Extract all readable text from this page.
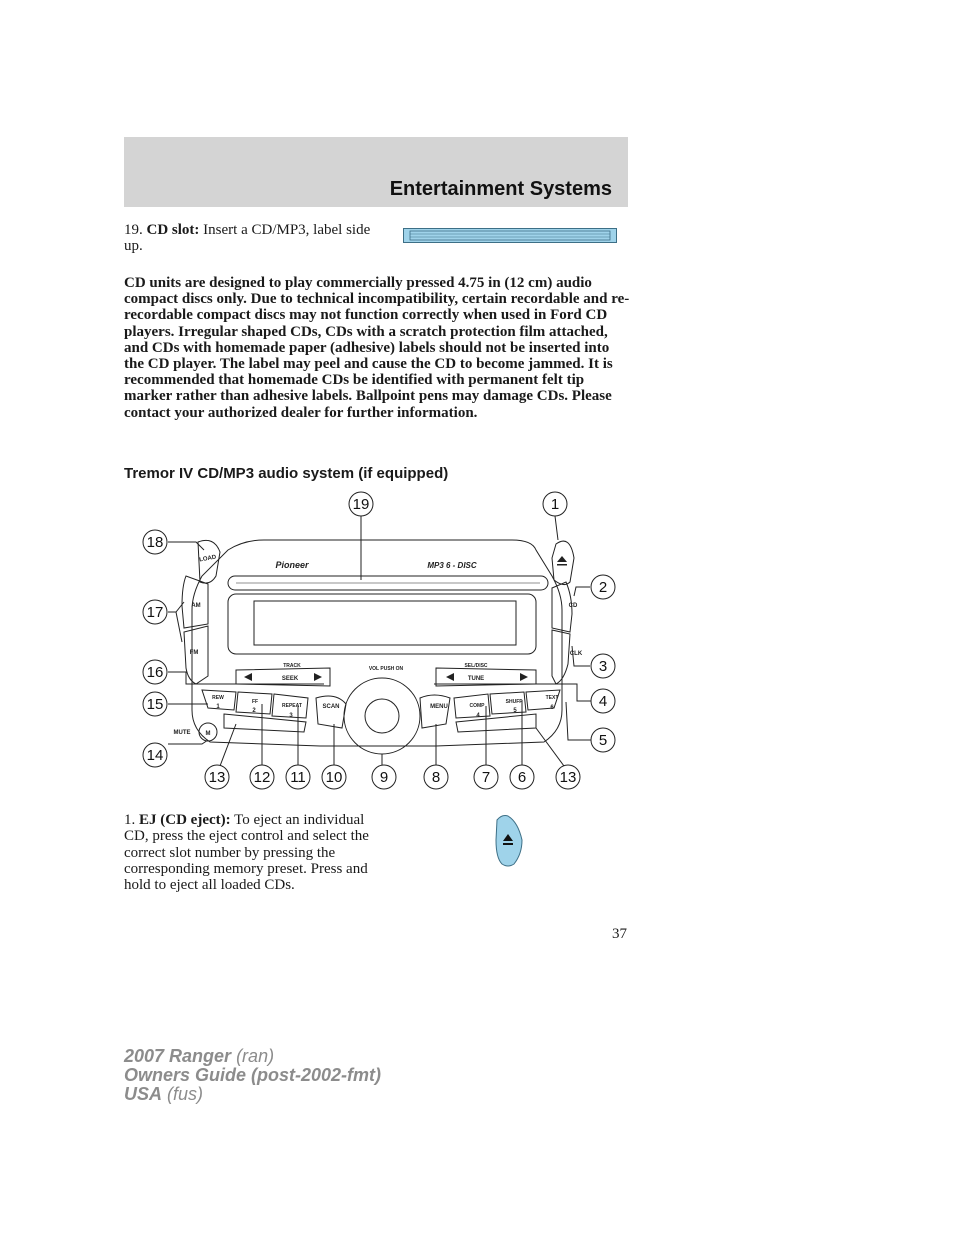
Entertainment Systems

19. CD slot: Insert a CD/MP3, label side up.

CD units are designed to play commercially pressed 4.75 in (12 cm) audio compact discs only. Due to technical incompatibility, certain recordable and re-recordable compact discs may not function correctly when used in Ford CD players. Irregular shaped CDs, CDs with a scratch protection film attached, and CDs with homemade paper (adhesive) labels should not be inserted into the CD player. The label may peel and cause the CD to become jammed. It is recommended that homemade CDs be identified with permanent felt tip marker rather than adhesive labels. Ballpoint pens may damage CDs. Please contact your authorized dealer for further information.

Tremor IV CD/MP3 audio system (if equipped)
Pioneer	MP3 6 - DISC
LOAD
AM
FM
CD
CLK
TRACK
SEEK
VOL PUSH ON	SEL/DISC
TUNE
REW
1
FF
2
REPEAT
3
SCAN	MENU	COMP
4
SHUFF
5
TEXT
6
MUTE	M
19	1
2
3
4
5
18
17
16
15
14
13 12 11 10 9	8	7 6 13

1. EJ (CD eject): To eject an individual CD, press the eject control and select the correct slot number by pressing the corresponding memory preset. Press and hold to eject all loaded CDs.

37

2007 Ranger (ran)
Owners Guide (post-2002-fmt)
USA (fus)
